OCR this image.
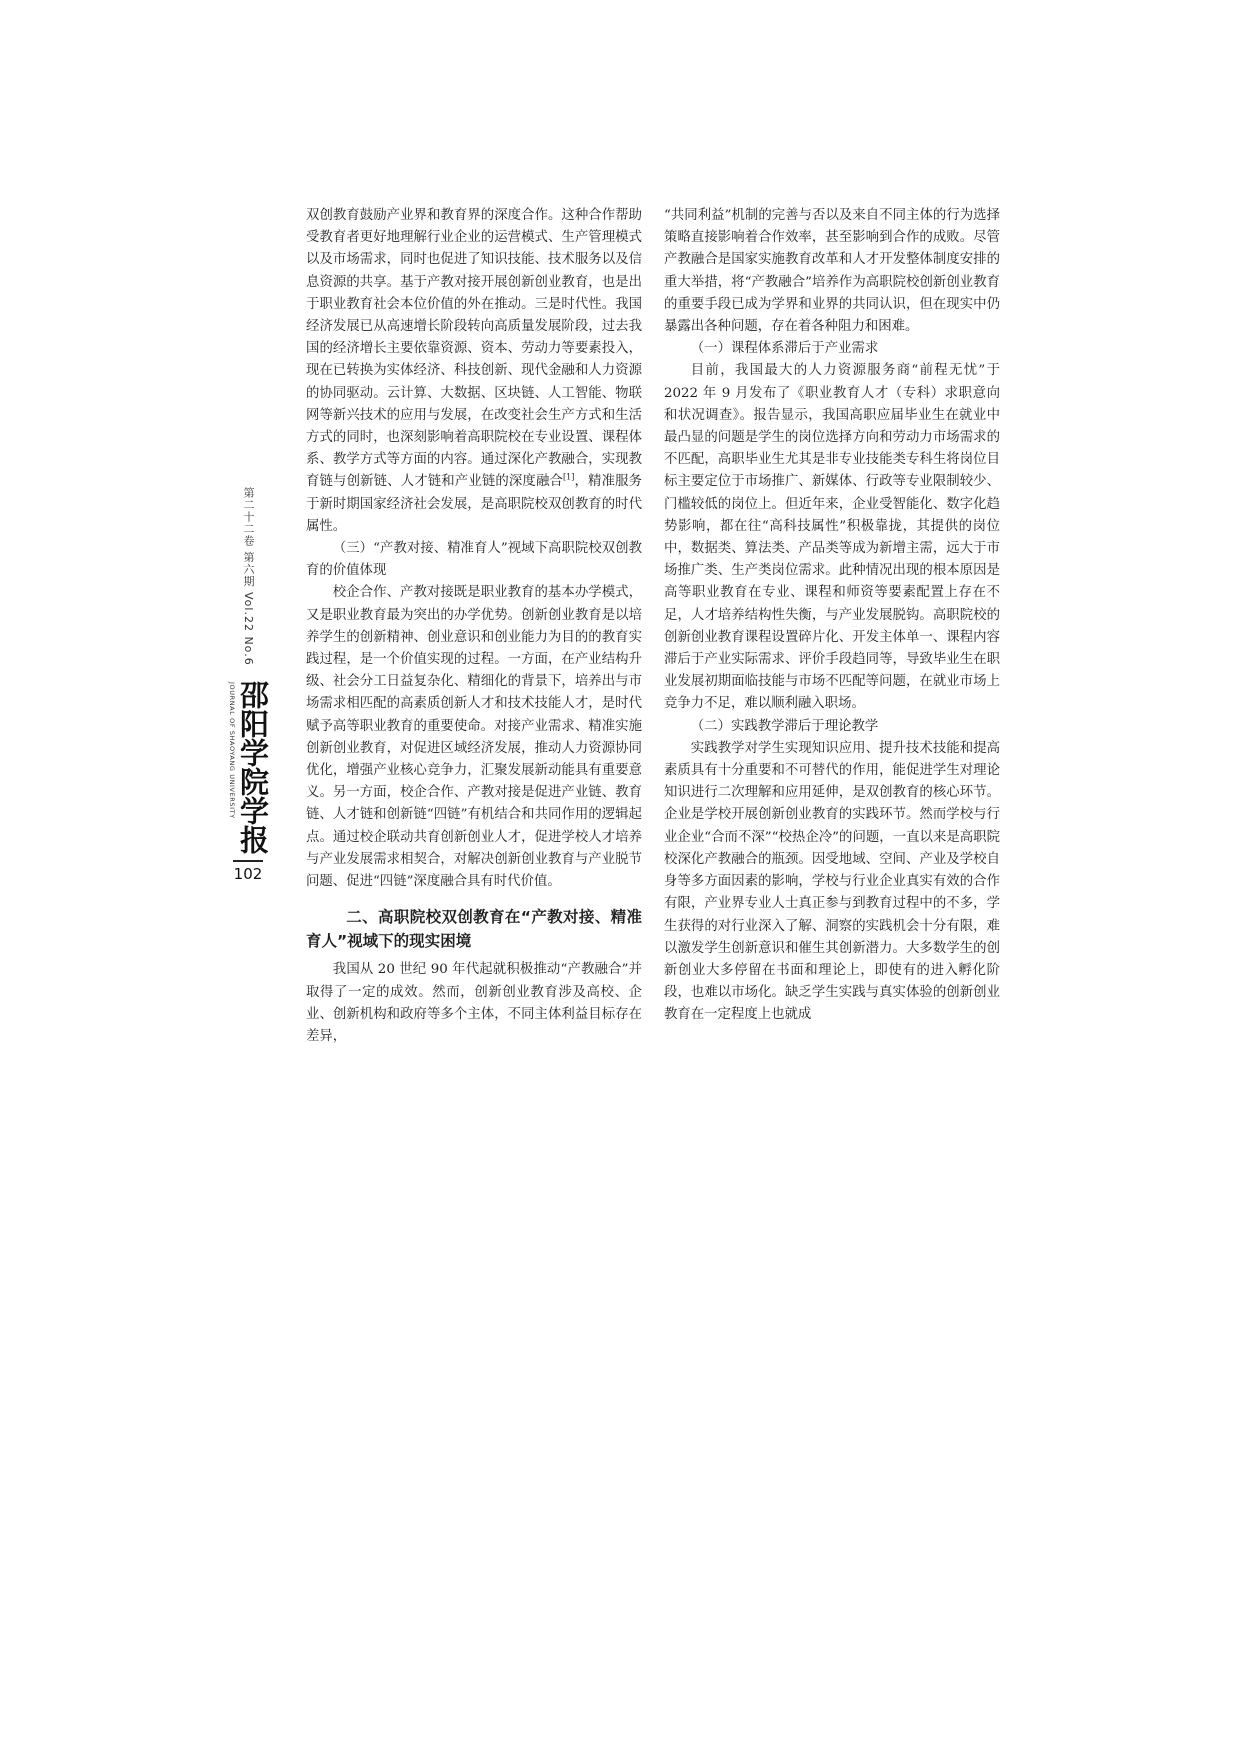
第二十二卷 第六期 Vol.22 No.6
邵阳学院学报
JOURNAL OF SHAOYANG UNIVERSITY
102

双创教育鼓励产业界和教育界的深度合作。这种合作帮助受教育者更好地理解行业企业的运营模式、生产管理模式以及市场需求，同时也促进了知识技能、技术服务以及信息资源的共享。基于产教对接开展创新创业教育，也是出于职业教育社会本位价值的外在推动。三是时代性。我国经济发展已从高速增长阶段转向高质量发展阶段，过去我国的经济增长主要依靠资源、资本、劳动力等要素投入，现在已转换为实体经济、科技创新、现代金融和人力资源的协同驱动。云计算、大数据、区块链、人工智能、物联网等新兴技术的应用与发展，在改变社会生产方式和生活方式的同时，也深刻影响着高职院校在专业设置、课程体系、教学方式等方面的内容。通过深化产教融合，实现教育链与创新链、人才链和产业链的深度融合[1]，精准服务于新时期国家经济社会发展，是高职院校双创教育的时代属性。

（三）“产教对接、精准育人”视域下高职院校双创教育的价值体现

校企合作、产教对接既是职业教育的基本办学模式，又是职业教育最为突出的办学优势。创新创业教育是以培养学生的创新精神、创业意识和创业能力为目的的教育实践过程，是一个价值实现的过程。一方面，在产业结构升级、社会分工日益复杂化、精细化的背景下，培养出与市场需求相匹配的高素质创新人才和技术技能人才，是时代赋予高等职业教育的重要使命。对接产业需求、精准实施创新创业教育，对促进区域经济发展，推动人力资源协同优化，增强产业核心竞争力，汇聚发展新动能具有重要意义。另一方面，校企合作、产教对接是促进产业链、教育链、人才链和创新链“四链”有机结合和共同作用的逻辑起点。通过校企联动共育创新创业人才，促进学校人才培养与产业发展需求相契合，对解决创新创业教育与产业脱节问题、促进“四链”深度融合具有时代价值。

二、高职院校双创教育在“产教对接、精准育人”视域下的现实困境

我国从 20 世纪 90 年代起就积极推动“产教融合”并取得了一定的成效。然而，创新创业教育涉及高校、企业、创新机构和政府等多个主体，不同主体利益目标存在差异，

“共同利益”机制的完善与否以及来自不同主体的行为选择策略直接影响着合作效率，甚至影响到合作的成败。尽管产教融合是国家实施教育改革和人才开发整体制度安排的重大举措，将“产教融合”培养作为高职院校创新创业教育的重要手段已成为学界和业界的共同认识，但在现实中仍暴露出各种问题，存在着各种阻力和困难。

（一）课程体系滞后于产业需求

目前，我国最大的人力资源服务商“前程无忧”于 2022 年 9 月发布了《职业教育人才（专科）求职意向和状况调查》。报告显示，我国高职应届毕业生在就业中最凸显的问题是学生的岗位选择方向和劳动力市场需求的不匹配，高职毕业生尤其是非专业技能类专科生将岗位目标主要定位于市场推广、新媒体、行政等专业限制较少、门槛较低的岗位上。但近年来，企业受智能化、数字化趋势影响，都在往“高科技属性”积极靠拢，其提供的岗位中，数据类、算法类、产品类等成为新增主需，远大于市场推广类、生产类岗位需求。此种情况出现的根本原因是高等职业教育在专业、课程和师资等要素配置上存在不足，人才培养结构性失衡，与产业发展脱钩。高职院校的创新创业教育课程设置碎片化、开发主体单一、课程内容滞后于产业实际需求、评价手段趋同等，导致毕业生在职业发展初期面临技能与市场不匹配等问题，在就业市场上竞争力不足，难以顺利融入职场。

（二）实践教学滞后于理论教学

实践教学对学生实现知识应用、提升技术技能和提高素质具有十分重要和不可替代的作用，能促进学生对理论知识进行二次理解和应用延伸，是双创教育的核心环节。企业是学校开展创新创业教育的实践环节。然而学校与行业企业“合而不深”“校热企冷”的问题，一直以来是高职院校深化产教融合的瓶颈。因受地域、空间、产业及学校自身等多方面因素的影响，学校与行业企业真实有效的合作有限，产业界专业人士真正参与到教育过程中的不多，学生获得的对行业深入了解、洞察的实践机会十分有限，难以激发学生创新意识和催生其创新潜力。大多数学生的创新创业大多停留在书面和理论上，即使有的进入孵化阶段，也难以市场化。缺乏学生实践与真实体验的创新创业教育在一定程度上也就成
